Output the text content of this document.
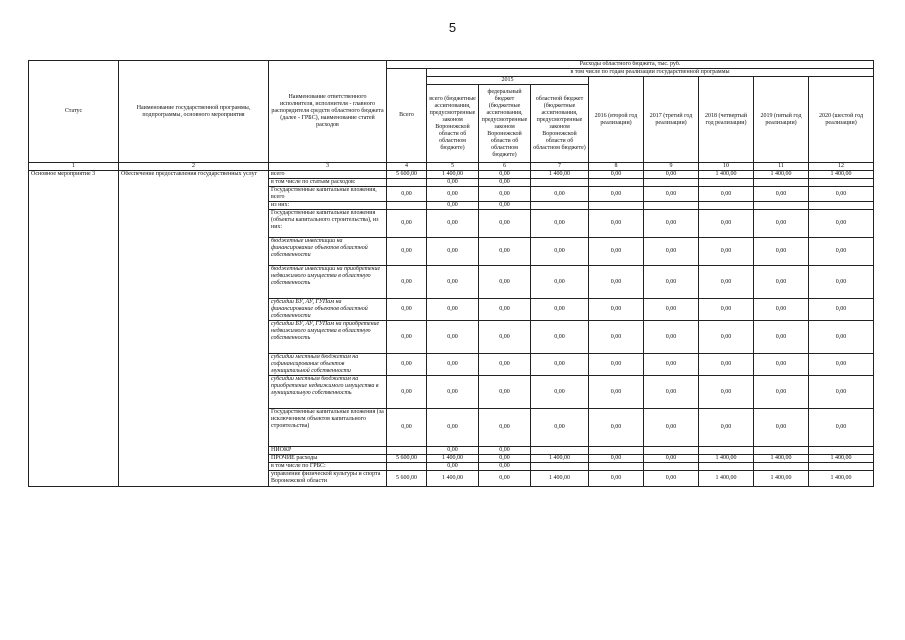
5
Статус	Наименование государственной программы, подпрограммы, основного мероприятия	Наименование ответственного исполнителя, исполнителя - главного распорядителя средств областного бюджета (далее - ГРБС), наименование статей расходов	Расходы областного бюджета, тыс. руб.								
			Всего	в том числе по годам реализации государственной программы							
				2015			2016 (второй год реализации)	2017 (третий год реализации)	2018 (четвертый год реализации)	2019 (пятый год реализации)	2020 (шестой год реализации)
				всего (бюджетные ассигнования, предусмотренные законом Воронежской области об областном бюджете)	федеральный бюджет (бюджетные ассигнования, предусмотренные законом Воронежской области об областном бюджете)	областной бюджет (бюджетные ассигнования, предусмотренные законом Воронежской области об областном бюджете)					
1	2	3	4	5	6	7	8	9	10	11	12
Основное мероприятие 3	Обеспечение предоставления государственных услуг	всего	5 600,00	1 400,00	0,00	1 400,00	0,00	0,00	1 400,00	1 400,00	1 400,00
		в том числе по статьям расходов:		0,00	0,00						
		Государственные капитальные вложения, всего	0,00	0,00	0,00	0,00	0,00	0,00	0,00	0,00	0,00
		из них:		0,00	0,00						
		Государственные капитальные вложения (объекты капитального строительства), из них:	0,00	0,00	0,00	0,00	0,00	0,00	0,00	0,00	0,00
		бюджетные инвестиции на финансирование объектов областной собственности	0,00	0,00	0,00	0,00	0,00	0,00	0,00	0,00	0,00
		бюджетные инвестиции на приобретение недвижимого имущества в областную собственность	0,00	0,00	0,00	0,00	0,00	0,00	0,00	0,00	0,00
		субсидии БУ, АУ, ГУПам на финансирование объектов областной собственности	0,00	0,00	0,00	0,00	0,00	0,00	0,00	0,00	0,00
		субсидии БУ, АУ, ГУПам на приобретение недвижимого имущества в областную собственность	0,00	0,00	0,00	0,00	0,00	0,00	0,00	0,00	0,00
		субсидии местным бюджетам на софинансирование объектов муниципальной собственности	0,00	0,00	0,00	0,00	0,00	0,00	0,00	0,00	0,00
		субсидии местным бюджетам на приобретение недвижимого имущества в муниципальную собственность	0,00	0,00	0,00	0,00	0,00	0,00	0,00	0,00	0,00
		Государственные капитальные вложения (за исключением объектов капитального строительства)	0,00	0,00	0,00	0,00	0,00	0,00	0,00	0,00	0,00
		НИОКР		0,00	0,00						
		ПРОЧИЕ расходы	5 600,00	1 400,00	0,00	1 400,00	0,00	0,00	1 400,00	1 400,00	1 400,00
		в том числе по ГРБС:		0,00	0,00						
		управление физической культуры и спорта Воронежской области	5 600,00	1 400,00	0,00	1 400,00	0,00	0,00	1 400,00	1 400,00	1 400,00
